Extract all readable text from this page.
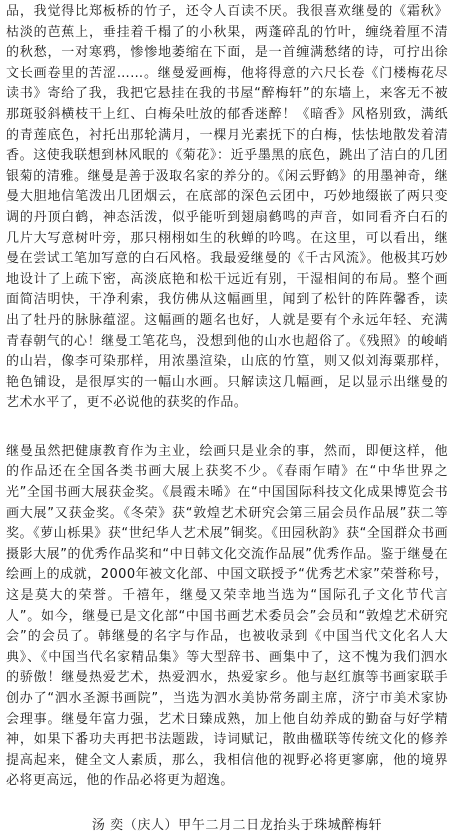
品，我觉得比郑板桥的竹子，还令人百读不厌。我很喜欢继曼的《霜秋》枯淡的芭蕉上，垂挂着千榻了的小秋果，两蓬碎乱的竹叶，缠绕着厘不清的秋愁，一对寒鸦，惨惨地萎缩在下面，是一首缠满愁绪的诗，可拧出徐文长画卷里的苦涩……。继曼爱画梅，他将得意的六尺长卷《门楼梅花尽读书》寄给了我，我把它悬挂在我的书屋“醉梅轩”的东墙上，来客无不被那斑驳斜横枝干上红、白梅朵吐放的郁香迷醉！《暗香》风格别致，满纸的青莲底色，衬托出那轮满月，一棵月光素抚下的白梅，怯怯地散发着清香。这使我联想到林风眠的《菊花》：近乎墨黑的底色，跳出了洁白的几团银菊的清雅。继曼是善于汲取名家的养分的。《闲云野鹤》的用墨神奇，继曼大胆地信笔泼出几团烟云，在底部的深色云团中，巧妙地缀嵌了两只变调的丹顶白鹤，神态活泼，似乎能听到翅扇鹤鸣的声音，如同看齐白石的几片大写意树叶旁，那只栩栩如生的秋蝉的吟鸣。在这里，可以看出，继曼在尝试工笔加写意的白石风格。我最爱继曼的《千古风流》。他极其巧妙地设计了上疏下密，高淡底艳和松干远近有别，干湿相间的布局。整个画面简洁明快，干净利索，我仿佛从这幅画里，闻到了松针的阵阵馨香，读出了牡丹的脉脉蕴涩。这幅画的题名也好，人就是要有个永远年轻、充满青春朝气的心！继曼工笔花鸟，没想到他的山水也超俗了。《残照》的峻峭的山岩，像李可染那样，用浓墨渲染，山底的竹篁，则又似刘海粟那样，艳色铺设，是很厚实的一幅山水画。只解读这几幅画，足以显示出继曼的艺术水平了，更不必说他的获奖的作品。

继曼虽然把健康教育作为主业，绘画只是业余的事，然而，即便这样，他的作品还在全国各类书画大展上获奖不少。《春雨乍晴》在“中华世界之光”全国书画大展获金奖。《晨霞未晞》在“中国国际科技文化成果博览会书画大展”又获金奖。《冬荣》获“敦煌艺术研究会第三届会员作品展”获二等奖。《萝山栎果》获“世纪华人艺术展”铜奖。《田园秋韵》获“全国群众书画摄影大展”的优秀作品奖和“中日韩文化交流作品展”优秀作品。鉴于继曼在绘画上的成就，2000年被文化部、中国文联授予“优秀艺术家”荣誉称号，这是莫大的荣誉。千禧年，继曼又荣幸地当选为“国际孔子文化节代言人”。如今，继曼已是文化部“中国书画艺术委员会”会员和“敦煌艺术研究会”的会员了。韩继曼的名字与作品，也被收录到《中国当代文化名人大典》、《中国当代名家精品集》等大型辞书、画集中了，这不愧为我们泗水的骄傲！继曼热爱艺术，热爱泗水，热爱家乡。他与赵红旗等书画家联手创办了“泗水圣源书画院”，当选为泗水美协常务副主席，济宁市美术家协会理事。继曼年富力强，艺术日臻成熟，加上他自幼养成的勤奋与好学精神，如果下番功夫再把书法题跋，诗词赋记，散曲楹联等传统文化的修养提高起来，健全文人素质，那么，我相信他的视野必将更寥廓，他的境界必将更高远，他的作品必将更为超逸。

汤 奕（庆人）甲午二月二日龙抬头于珠城醉梅轩
